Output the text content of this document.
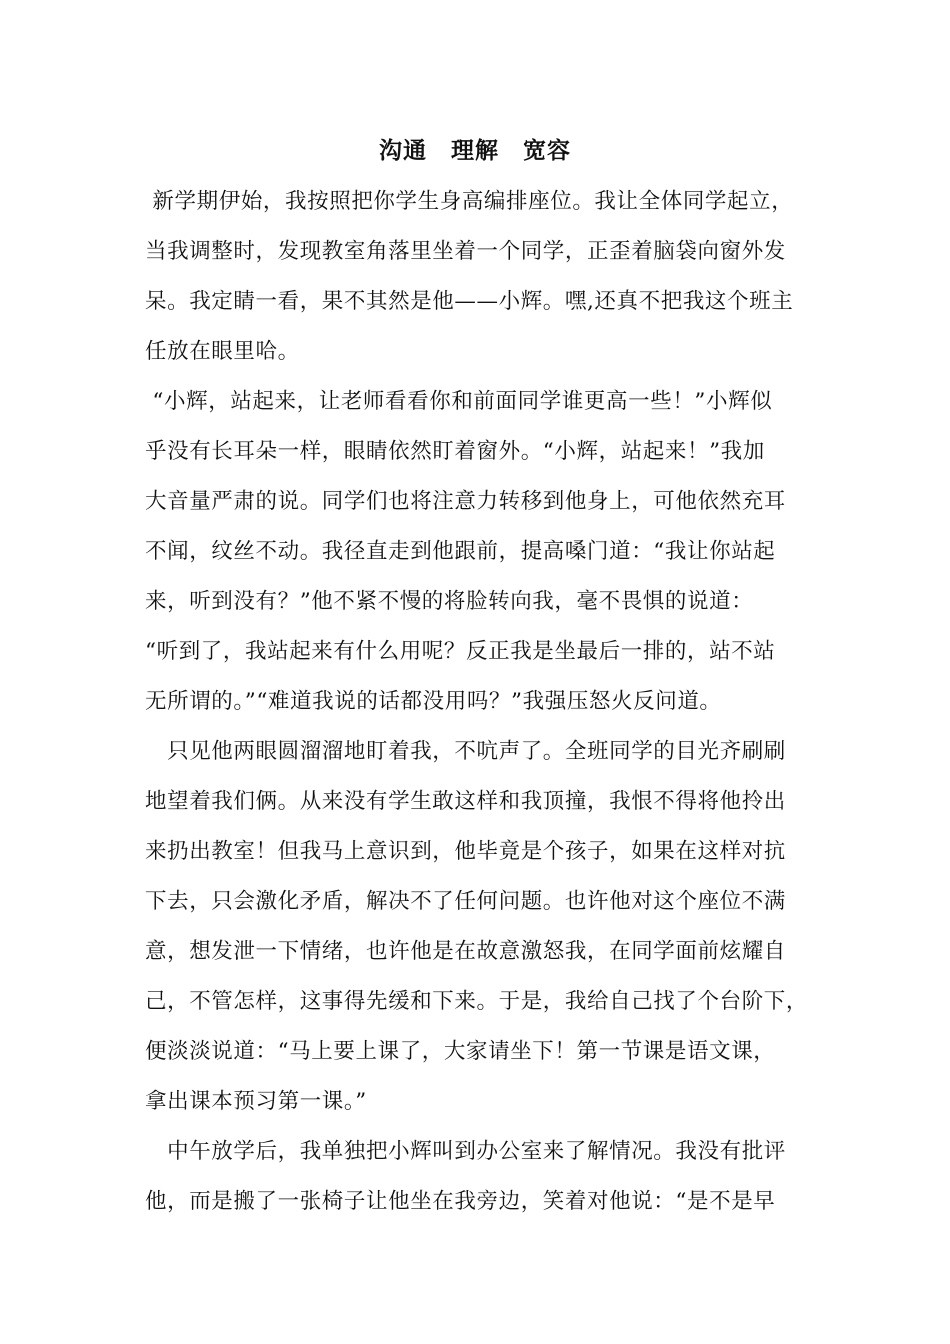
沟通　理解　宽容
新学期伊始，我按照把你学生身高编排座位。我让全体同学起立，
当我调整时，发现教室角落里坐着一个同学，正歪着脑袋向窗外发
呆。我定睛一看，果不其然是他——小辉。嘿,还真不把我这个班主
任放在眼里哈。
“小辉，站起来，让老师看看你和前面同学谁更高一些！”小辉似
乎没有长耳朵一样，眼睛依然盯着窗外。“小辉，站起来！”我加
大音量严肃的说。同学们也将注意力转移到他身上，可他依然充耳
不闻，纹丝不动。我径直走到他跟前，提高嗓门道：“我让你站起
来，听到没有？”他不紧不慢的将脸转向我，毫不畏惧的说道：
“听到了，我站起来有什么用呢？反正我是坐最后一排的，站不站
无所谓的。”“难道我说的话都没用吗？”我强压怒火反问道。
　只见他两眼圆溜溜地盯着我，不吭声了。全班同学的目光齐刷刷
地望着我们俩。从来没有学生敢这样和我顶撞，我恨不得将他拎出
来扔出教室！但我马上意识到，他毕竟是个孩子，如果在这样对抗
下去，只会激化矛盾，解决不了任何问题。也许他对这个座位不满
意，想发泄一下情绪，也许他是在故意激怒我，在同学面前炫耀自
己，不管怎样，这事得先缓和下来。于是，我给自己找了个台阶下，
便淡淡说道：“马上要上课了，大家请坐下！第一节课是语文课，
拿出课本预习第一课。”
　中午放学后，我单独把小辉叫到办公室来了解情况。我没有批评
他，而是搬了一张椅子让他坐在我旁边，笑着对他说：“是不是早
